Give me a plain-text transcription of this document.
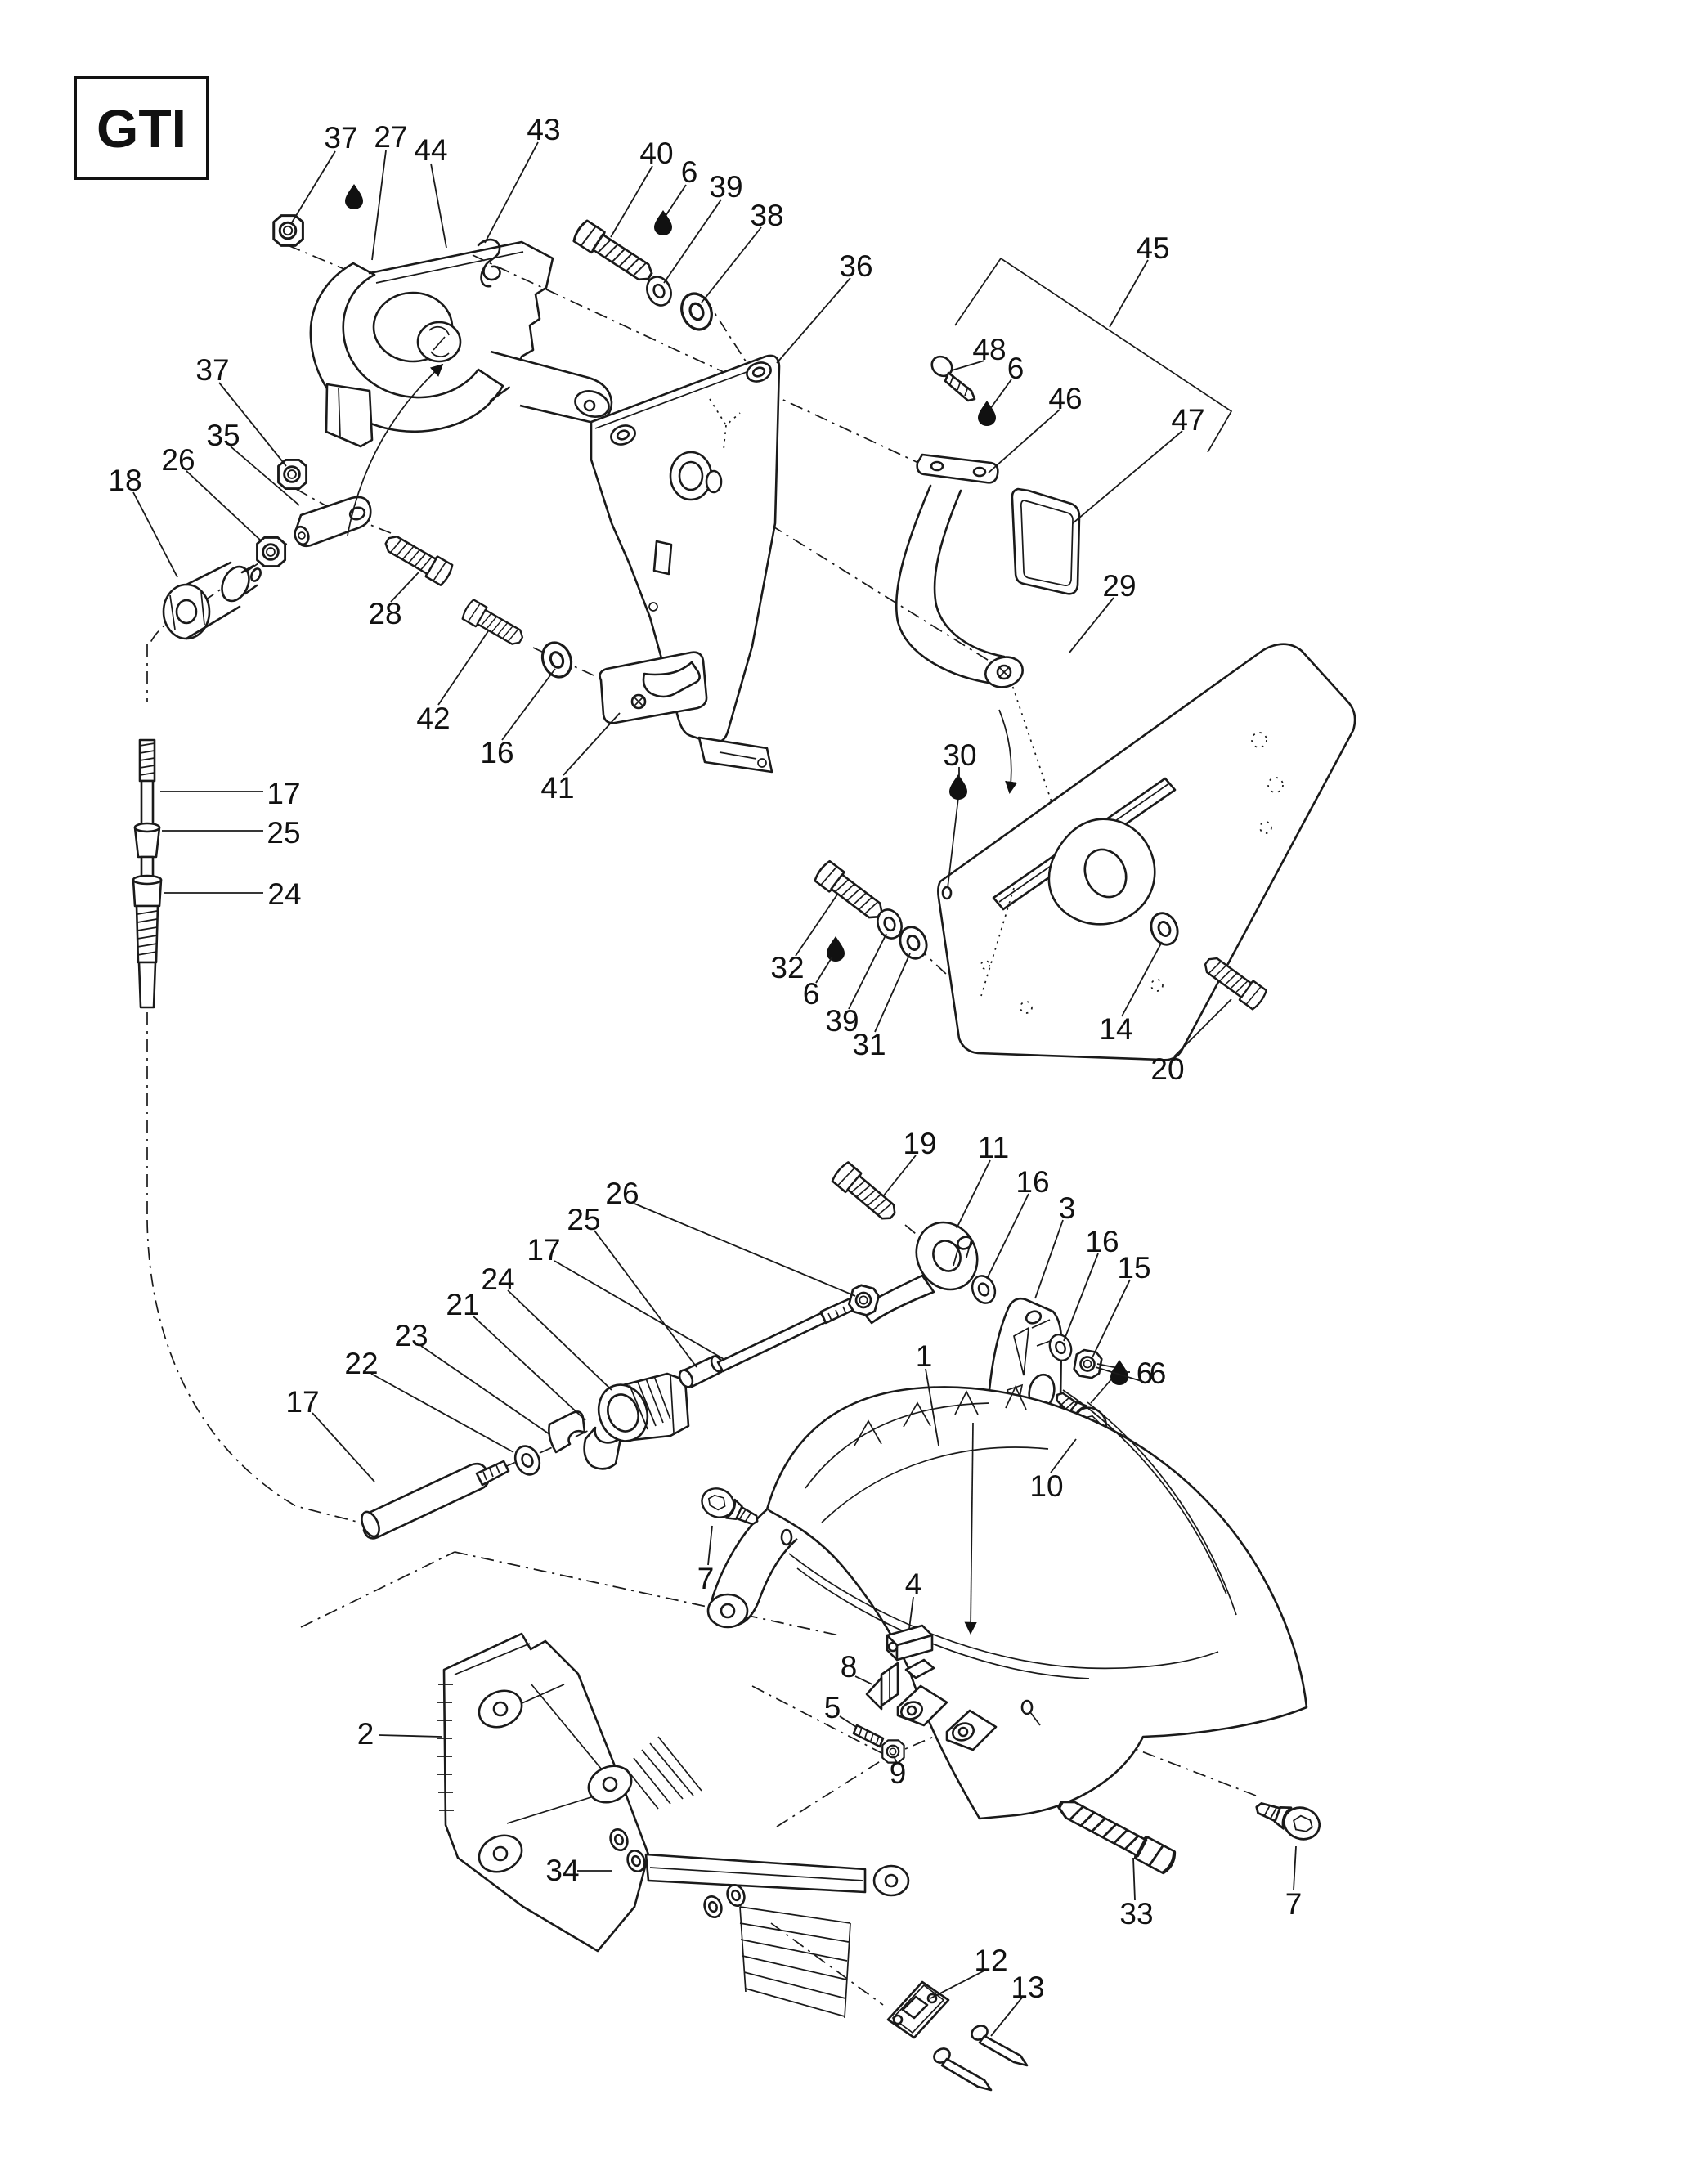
GTI	37 27 44
43
40
6 39
38
36
45
48
6
46
47
37
35
26
18
28
42
16
41
29
30
17
25
24
32
6
39
31	14
20
19 11
16
3
16
15
6
26
25
17
24
21
23
22
17
1
6
10
7	4
8
5
2
9
33	7
34
12
13
